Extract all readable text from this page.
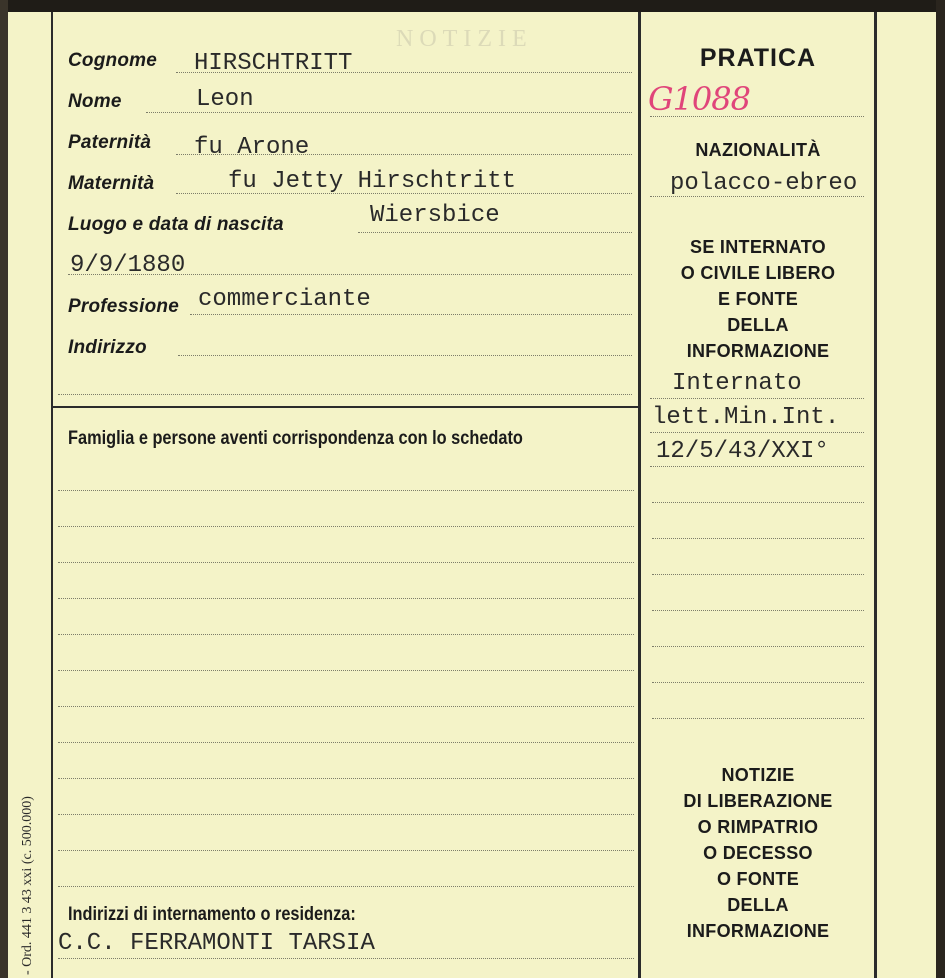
- Ord. 441 3 43 xxi (c. 500.000)
NOTIZIE
Cognome HIRSCHTRITT
Nome	Leon
Paternità fu Arone
Maternità	fu Jetty Hirschtritt
Luogo e data di nascita	Wiersbice
9/9/1880
Professione commerciante
Indirizzo
Famiglia e persone aventi corrispondenza con lo schedato
Indirizzi di internamento o residenza:
C.C. FERRAMONTI TARSIA
PRATICA
G1088
NAZIONALITÀ
polacco-ebreo
SE INTERNATO
O CIVILE LIBERO
E FONTE
DELLA
INFORMAZIONE
Internato
lett.Min.Int.
12/5/43/XXI°
NOTIZIE
DI LIBERAZIONE
O RIMPATRIO
O DECESSO
O FONTE
DELLA
INFORMAZIONE
